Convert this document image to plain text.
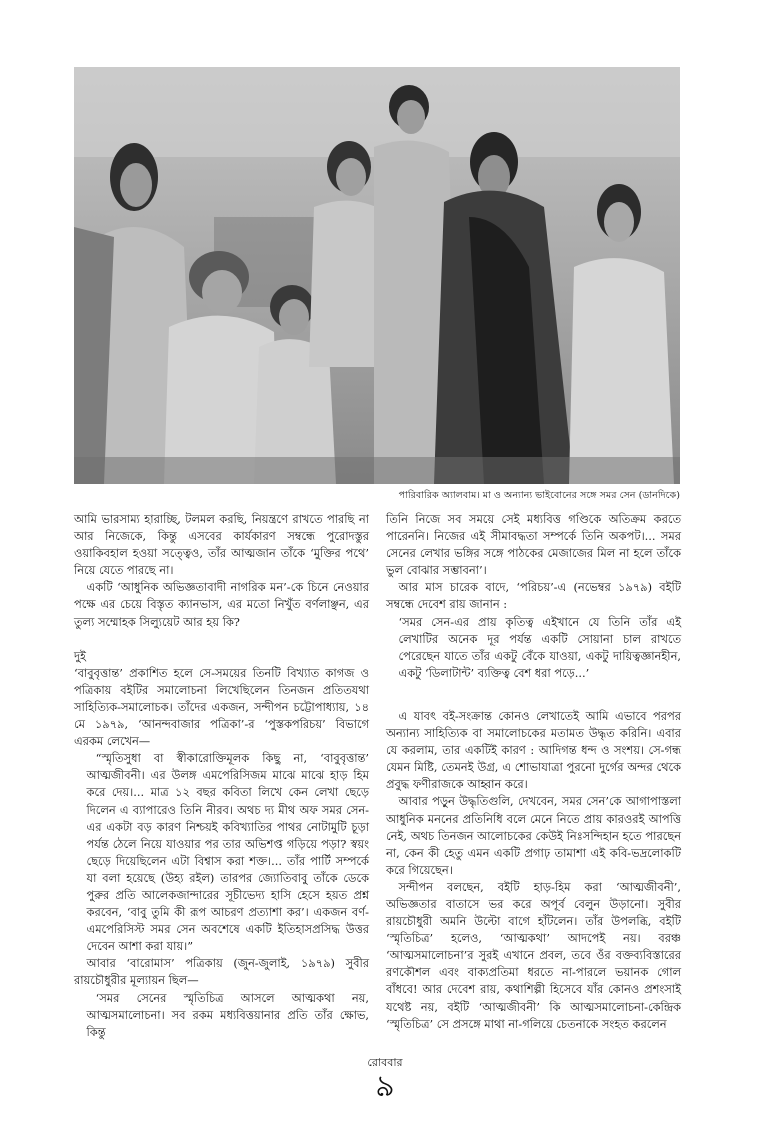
পারিবারিক অ্যালবাম। মা ও অন্যান্য ভাইবোনের সঙ্গে সমর সেন (ডানদিকে)

আমি ভারসাম্য হারাচ্ছি, টলমল করছি, নিয়ন্ত্রণে রাখতে পারছি না আর নিজেকে, কিন্তু এসবের কার্যকারণ সম্বন্ধে পুরোদস্তুর ওয়াকিবহাল হওয়া সত্ত্বেও, তাঁর আত্মজান তাঁকে ‘মুক্তির পথে’ নিয়ে যেতে পারছে না।

একটি ‘আধুনিক অভিজ্ঞতাবাদী নাগরিক মন’-কে চিনে নেওয়ার পক্ষে এর চেয়ে বিস্তৃত ক্যানভাস, এর মতো নিখুঁত বর্ণলাঞ্ছন, এর তুল্য সম্মোহক সিল্যুয়েট আর হয় কি?

দুই

‘বাবুবৃত্তান্ত’ প্রকাশিত হলে সে-সময়ের তিনটি বিখ্যাত কাগজ ও পত্রিকায় বইটির সমালোচনা লিখেছিলেন তিনজন প্রতিতযথা সাহিত্যিক-সমালোচক। তাঁদের একজন, সন্দীপন চট্টোপাধ্যায়, ১৪ মে ১৯৭৯, ‘আনন্দবাজার পত্রিকা’-র ‘পুস্তকপরিচয়’ বিভাগে এরকম লেখেন—

“স্মৃতিসুধা বা স্বীকারোক্তিমূলক কিছু না, ‘বাবুবৃত্তান্ত’ আত্মজীবনী। এর উলঙ্গ এমপেরিসিজম মাঝে মাঝে হাড় হিম করে দেয়।... মাত্র ১২ বছর কবিতা লিখে কেন লেখা ছেড়ে দিলেন এ ব্যাপারেও তিনি নীরব। অথচ দ্য মীথ অফ সমর সেন-এর একটা বড় কারণ নিশ্চয়ই কবিখ্যাতির পাথর নোটামুটি চূড়া পর্যন্ত ঠেলে নিয়ে যাওয়ার পর তার অভিশপ্ত গড়িয়ে পড়া? স্বয়ং ছেড়ে দিয়েছিলেন এটা বিশ্বাস করা শক্ত।... তাঁর পার্টি সম্পর্কে যা বলা হয়েছে (উহ্য রইল) তারপর জ্যোতিবাবু তাঁকে ডেকে পুরুর প্রতি আলেকজান্দারের সূচীভেদ্য হাসি হেসে হয়ত প্রশ্ন করবেন, ‘বাবু তুমি কী রূপ আচরণ প্রত্যাশা কর’। একজন বর্ণ-এমপেরিসিস্ট সমর সেন অবশেষে একটি ইতিহাসপ্রসিদ্ধ উত্তর দেবেন আশা করা যায়।”

আবার ‘বারোমাস’ পত্রিকায় (জুন-জুলাই, ১৯৭৯) সুবীর রায়চৌধুরীর মূল্যায়ন ছিল—

‘সমর সেনের স্মৃতিচিত্র আসলে আত্মকথা নয়, আত্মসমালোচনা। সব রকম মধ্যবিত্তয়ানার প্রতি তাঁর ক্ষোভ, কিন্তু

তিনি নিজে সব সময়ে সেই মধ্যবিত্ত গণ্ডিকে অতিক্রম করতে পারেননি। নিজের এই সীমাবদ্ধতা সম্পর্কে তিনি অকপট।... সমর সেনের লেখার ভঙ্গির সঙ্গে পাঠকের মেজাজের মিল না হলে তাঁকে ভুল বোঝার সম্ভাবনা’।

আর মাস চারেক বাদে, ‘পরিচয়’-এ (নভেম্বর ১৯৭৯) বইটি সম্বন্ধে দেবেশ রায় জানান :

‘সমর সেন-এর প্রায় কৃতিত্ব এইখানে যে তিনি তাঁর এই লেখাটির অনেক দূর পর্যন্ত একটি সোয়ানা চাল রাখতে পেরেছেন যাতে তাঁর একটু বেঁকে যাওয়া, একটু দায়িত্বজ্ঞানহীন, একটু ‘ডিলাটান্ট’ ব্যক্তিত্ব বেশ ধরা পড়ে...’

এ যাবৎ বই-সংক্রান্ত কোনও লেখাতেই আমি এভাবে পরপর অন্যান্য সাহিত্যিক বা সমালোচকের মতামত উদ্ধৃত করিনি। এবার যে করলাম, তার একটিই কারণ : আদিগন্ত ধন্দ ও সংশয়। সে-গন্ধ যেমন মিষ্টি, তেমনই উগ্র, এ শোভাযাত্রা পুরনো দুর্গের অন্দর থেকে প্রবুদ্ধ ফণীরাজকে আহ্বান করে।

আবার পড়ুন উদ্ধৃতিগুলি, দেখবেন, সমর সেন’কে আগাপাস্তলা আধুনিক মননের প্রতিনিধি বলে মেনে নিতে প্রায় কারওরই আপত্তি নেই, অথচ তিনজন আলোচকের কেউই নিঃসন্দিহান হতে পারছেন না, কেন কী হেতু এমন একটি প্রগাঢ় তামাশা এই কবি-ভদ্রলোকটি করে গিয়েছেন।

সন্দীপন বলছেন, বইটি হাড়-হিম করা ‘আত্মজীবনী’, অভিজ্ঞতার বাতাসে ভর করে অপূর্ব বেলুন উড়ানো। সুবীর রায়চৌধুরী অমনি উল্টো বাগে হাঁটলেন। তাঁর উপলব্ধি, বইটি ‘স্মৃতিচিত্র’ হলেও, ‘আত্মকথা’ আদপেই নয়। বরঞ্চ ‘আত্মসমালোচনা’র সুরই এখানে প্রবল, তবে ওঁর বক্তব্যবিস্তারের রণকৌশল এবং বাক্যপ্রতিমা ধরতে না-পারলে ভয়ানক গোল বাঁধবে! আর দেবেশ রায়, কথাশিল্পী হিসেবে যাঁর কোনও প্রশংসাই যথেষ্ট নয়, বইটি ‘আত্মজীবনী’ কি আত্মসমালোচনা-কেন্দ্রিক ‘স্মৃতিচিত্র’ সে প্রসঙ্গে মাথা না-গলিয়ে চেতনাকে সংহত করলেন

রোববার
৯
